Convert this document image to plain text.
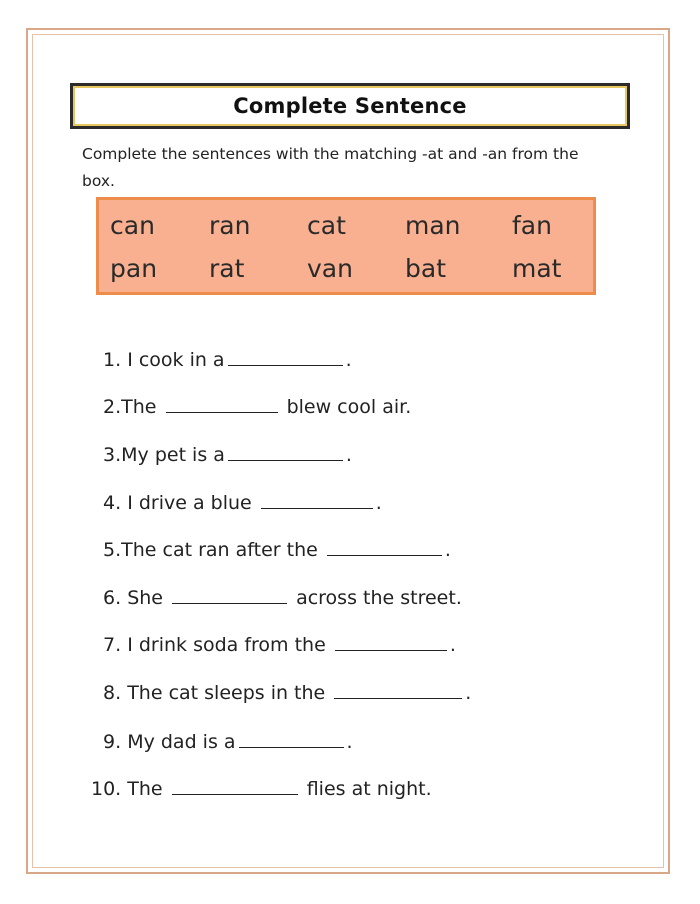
Complete Sentence
Complete the sentences with the matching -at and -an from the box.
can ran cat man fan
pan rat	van bat	mat
1. I cook in a	.
2.The	blew cool air.
3.My pet is a	.
4. I drive a blue	.
5.The cat ran after the	.
6. She	across the street.
7. I drink soda from the	.
8. The cat sleeps in the	.
9. My dad is a	.
10. The	flies at night.
